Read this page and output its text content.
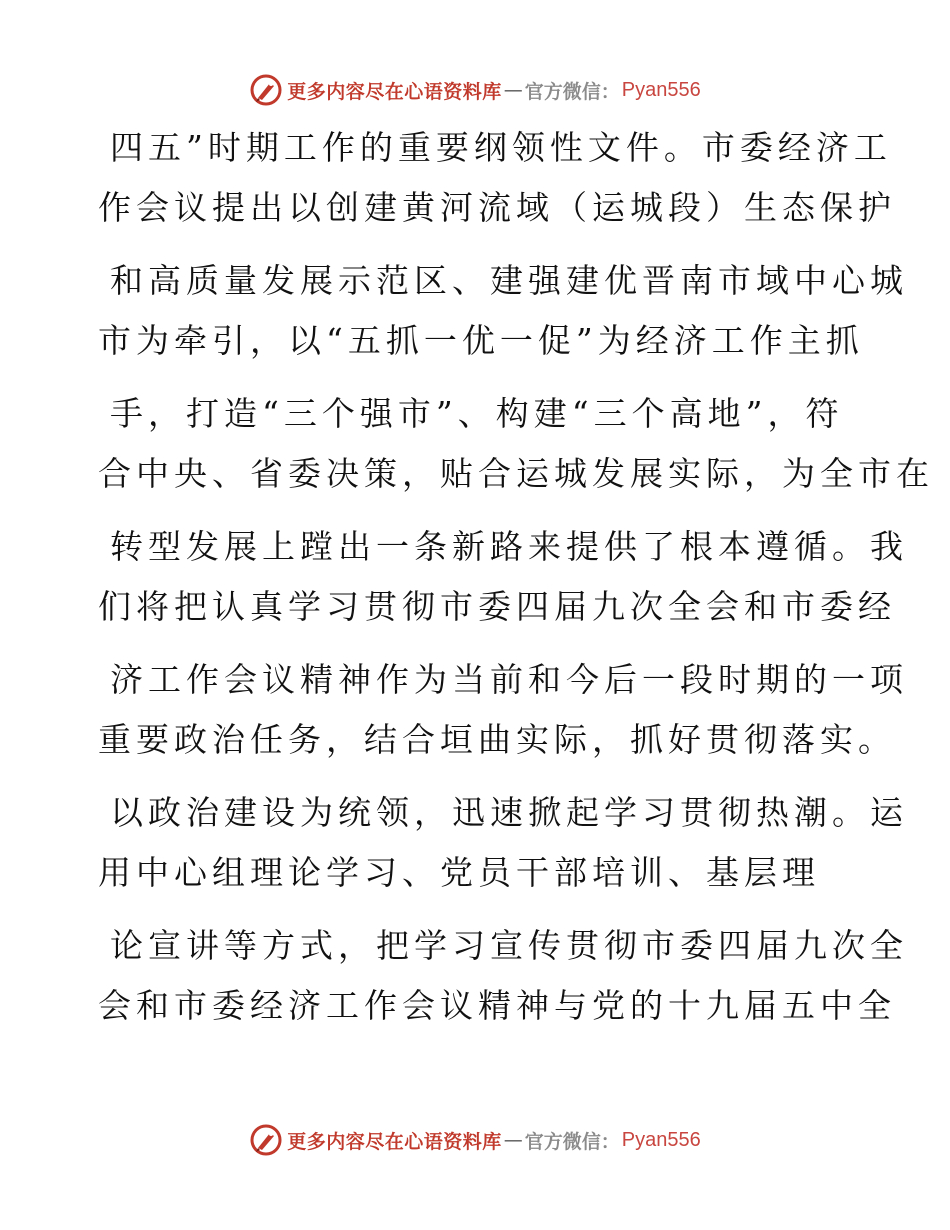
更多内容尽在心语资料库 — 官方微信： Pyan556
四五”时期工作的重要纲领性文件。市委经济工
作会议提出以创建黄河流域（运城段）生态保护
和高质量发展示范区、建强建优晋南市域中心城
市为牵引，以“五抓一优一促”为经济工作主抓
手，打造“三个强市”、构建“三个高地”，符
合中央、省委决策，贴合运城发展实际，为全市在
转型发展上蹚出一条新路来提供了根本遵循。我
们将把认真学习贯彻市委四届九次全会和市委经
济工作会议精神作为当前和今后一段时期的一项
重要政治任务，结合垣曲实际，抓好贯彻落实。
以政治建设为统领，迅速掀起学习贯彻热潮。运
用中心组理论学习、党员干部培训、基层理
论宣讲等方式，把学习宣传贯彻市委四届九次全
会和市委经济工作会议精神与党的十九届五中全
更多内容尽在心语资料库 — 官方微信： Pyan556
